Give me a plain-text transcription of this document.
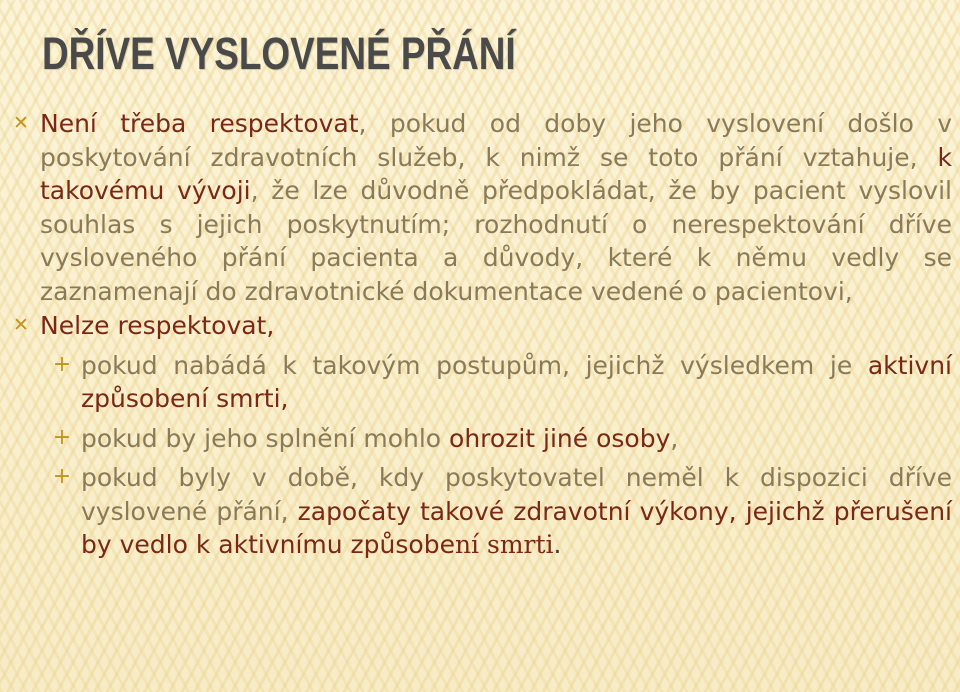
DŘÍVE VYSLOVENÉ PŘÁNÍ
✕ Není třeba respektovat, pokud od doby jeho vyslovení došlo v poskytování zdravotních služeb, k nimž se toto přání vztahuje, k takovému vývoji, že lze důvodně předpokládat, že by pacient vyslovil souhlas s jejich poskytnutím; rozhodnutí o nerespektování dříve vysloveného přání pacienta a důvody, které k němu vedly se zaznamenají do zdravotnické dokumentace vedené o pacientovi,
✕ Nelze respektovat,
+ pokud nabádá k takovým postupům, jejichž výsledkem je aktivní způsobení smrti,
+ pokud by jeho splnění mohlo ohrozit jiné osoby,
+ pokud byly v době, kdy poskytovatel neměl k dispozici dříve vyslovené přání, započaty takové zdravotní výkony, jejichž přerušení by vedlo k aktivnímu způsobení smrti.
